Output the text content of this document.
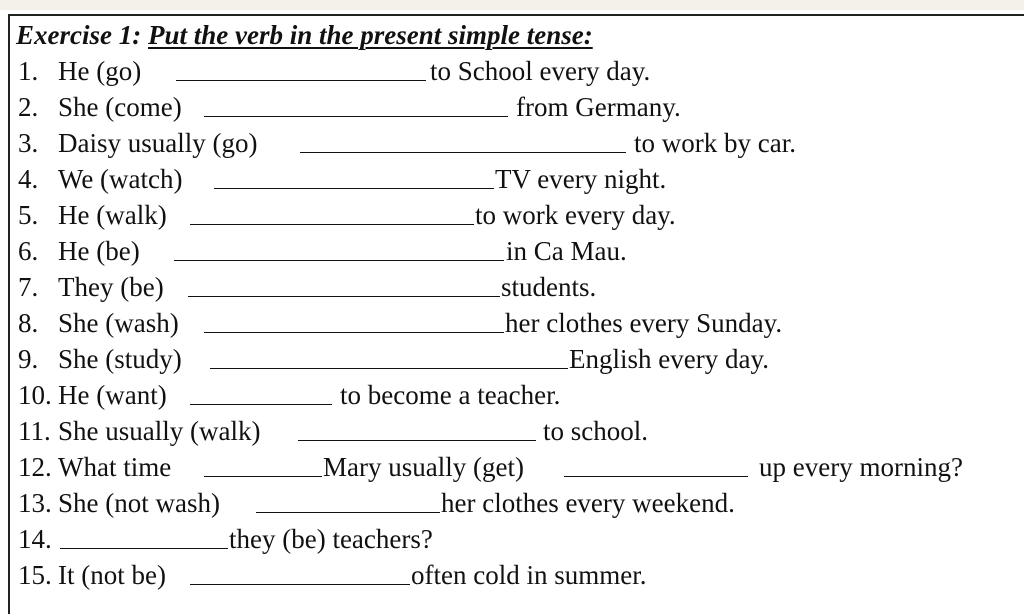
Exercise 1: Put the verb in the present simple tense:
1. He (go)	to School every day.
2. She (come)	from Germany.
3. Daisy usually (go)	to work by car.
4. We (watch)	TV every night.
5. He (walk)	to work every day.
6. He (be)	in Ca Mau.
7. They (be)	students.
8. She (wash)	her clothes every Sunday.
9. She (study)	English every day.
10. He (want)	to become a teacher.
11. She usually (walk)	to school.
12. What time	Mary usually (get)	up every morning?
13. She (not wash)	her clothes every weekend.
14.	they (be) teachers?
15. It (not be)	often cold in summer.
